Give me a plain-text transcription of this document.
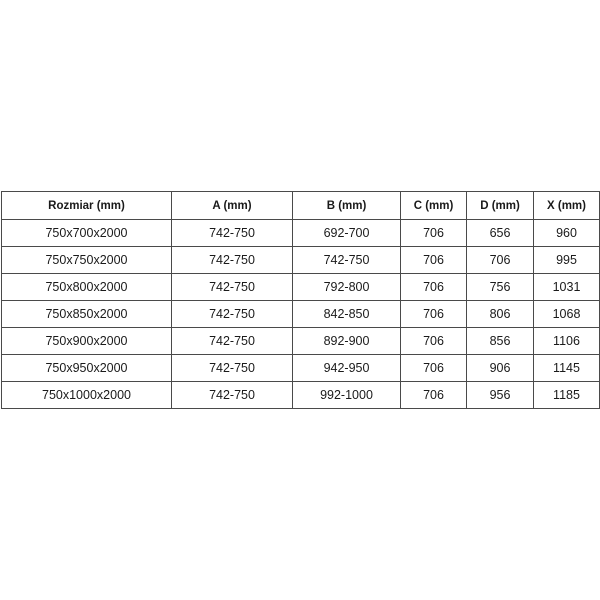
Rozmiar (mm)	A (mm)	B (mm)	C (mm)	D (mm)	X (mm)
750x700x2000	742-750	692-700	706	656	960
750x750x2000	742-750	742-750	706	706	995
750x800x2000	742-750	792-800	706	756	1031
750x850x2000	742-750	842-850	706	806	1068
750x900x2000	742-750	892-900	706	856	1106
750x950x2000	742-750	942-950	706	906	1145
750x1000x2000	742-750	992-1000	706	956	1185
